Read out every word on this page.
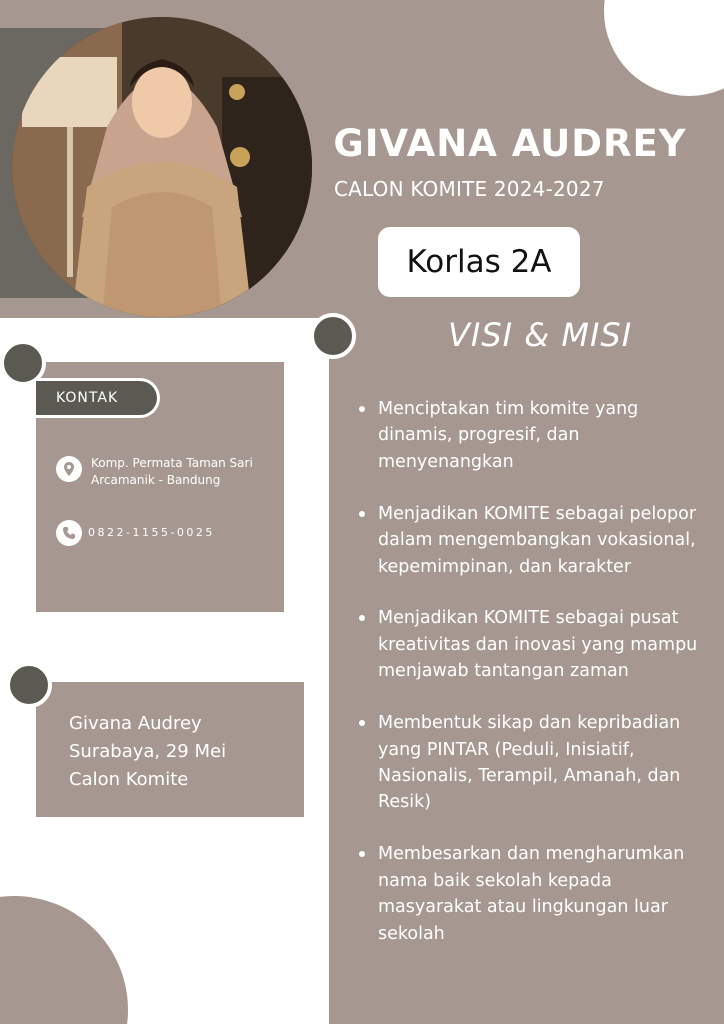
GIVANA AUDREY
CALON KOMITE 2024-2027
Korlas 2A
VISI & MISI
Menciptakan tim komite yang dinamis, progresif, dan menyenangkan
Menjadikan KOMITE sebagai pelopor dalam mengembangkan vokasional, kepemimpinan, dan karakter
Menjadikan KOMITE sebagai pusat kreativitas dan inovasi yang mampu menjawab tantangan zaman
Membentuk sikap dan kepribadian yang PINTAR (Peduli, Inisiatif, Nasionalis, Terampil, Amanah, dan Resik)
Membesarkan dan mengharumkan nama baik sekolah kepada masyarakat atau lingkungan luar sekolah
KONTAK
Komp. Permata Taman Sari Arcamanik - Bandung
0822-1155-0025
Givana Audrey
Surabaya, 29 Mei
Calon Komite
